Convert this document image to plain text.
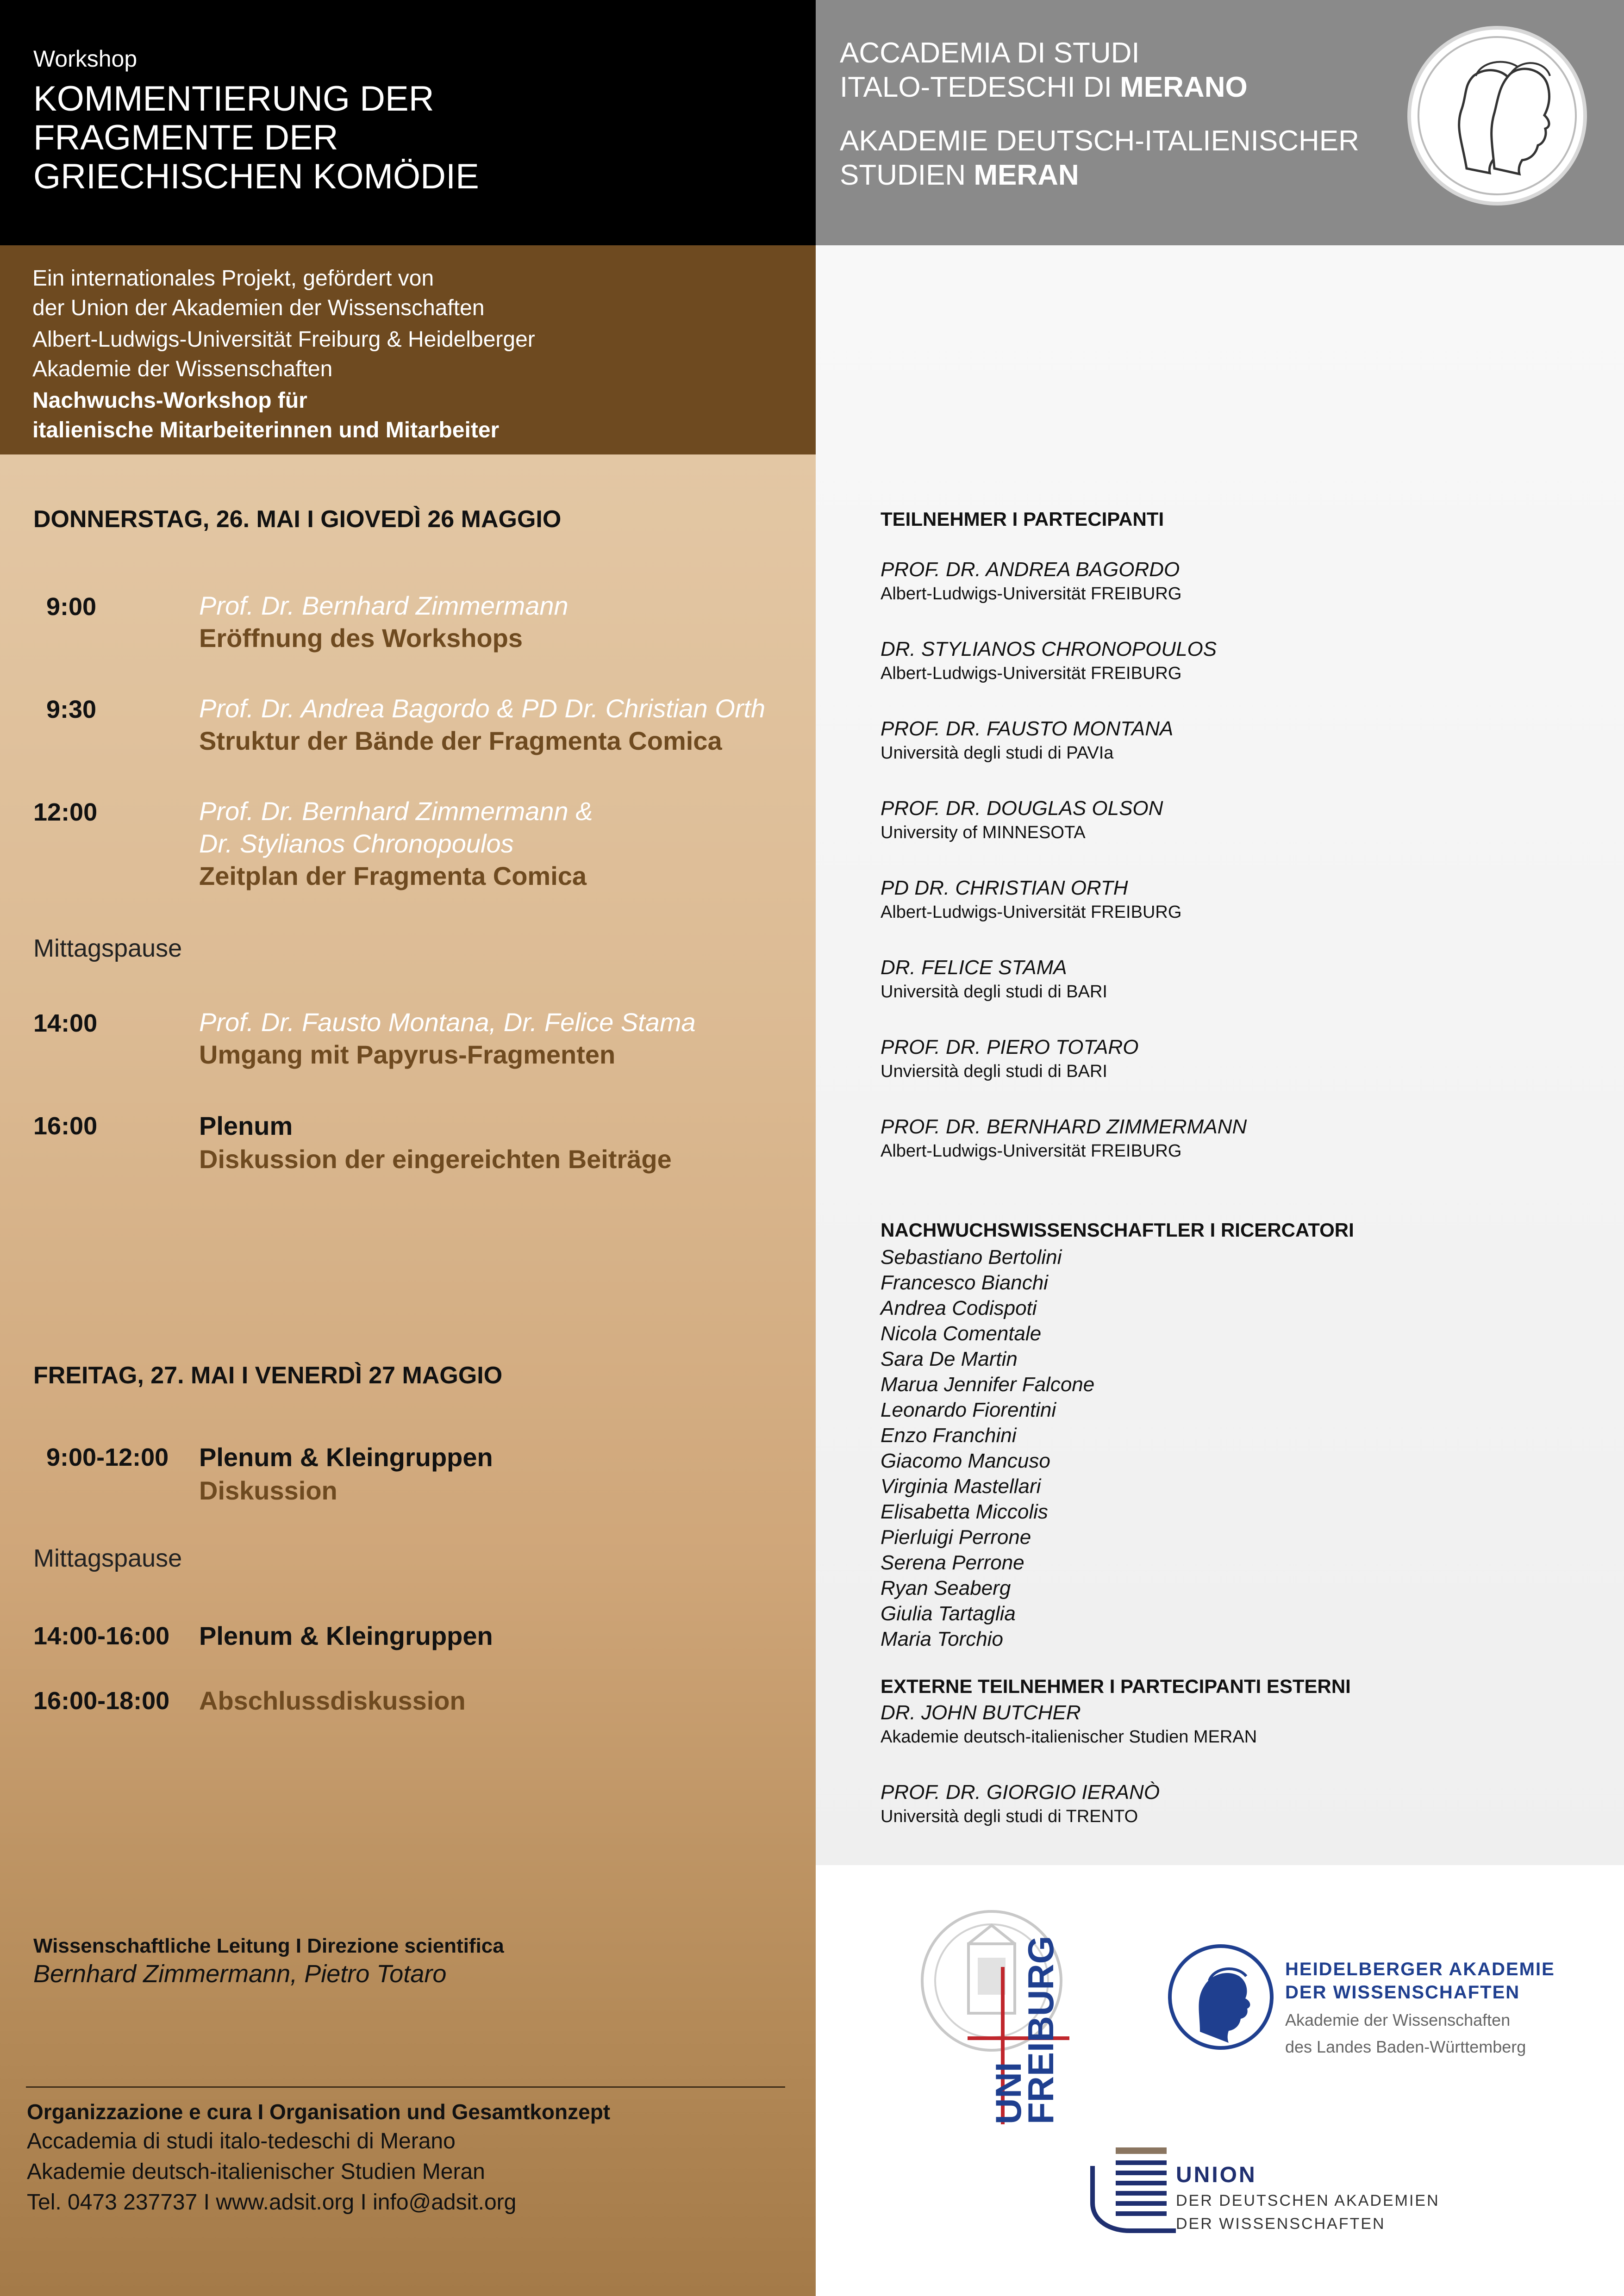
Workshop
KOMMENTIERUNG DER
FRAGMENTE DER
GRIECHISCHEN KOMÖDIE
ACCADEMIA DI STUDI
ITALO-TEDESCHI DI MERANO
AKADEMIE DEUTSCH-ITALIENISCHER
STUDIEN MERAN
Ein internationales Projekt, gefördert von
der Union der Akademien der Wissenschaften
Albert-Ludwigs-Universität Freiburg & Heidelberger
Akademie der Wissenschaften
Nachwuchs-Workshop für
italienische Mitarbeiterinnen und Mitarbeiter
DONNERSTAG, 26. MAI I GIOVEDÌ 26 MAGGIO
9:00	Prof. Dr. Bernhard Zimmermann
Eröffnung des Workshops
9:30	Prof. Dr. Andrea Bagordo & PD Dr. Christian Orth
Struktur der Bände der Fragmenta Comica
12:00	Prof. Dr. Bernhard Zimmermann &
Dr. Stylianos Chronopoulos
Zeitplan der Fragmenta Comica
Mittagspause
14:00	Prof. Dr. Fausto Montana, Dr. Felice Stama
Umgang mit Papyrus-Fragmenten
16:00	Plenum
Diskussion der eingereichten Beiträge
FREITAG, 27. MAI I VENERDÌ 27 MAGGIO
9:00-12:00 Plenum & Kleingruppen
Diskussion
Mittagspause
14:00-16:00 Plenum & Kleingruppen
16:00-18:00 Abschlussdiskussion
Wissenschaftliche Leitung I Direzione scientifica
Bernhard Zimmermann, Pietro Totaro
Organizzazione e cura I Organisation und Gesamtkonzept
Accademia di studi italo-tedeschi di Merano
Akademie deutsch-italienischer Studien Meran
Tel. 0473 237737 I www.adsit.org I info@adsit.org
TEILNEHMER I PARTECIPANTI
PROF. DR. ANDREA BAGORDO
Albert-Ludwigs-Universität FREIBURG
DR. STYLIANOS CHRONOPOULOS
Albert-Ludwigs-Universität FREIBURG
PROF. DR. FAUSTO MONTANA
Università degli studi di PAVIa
PROF. DR. DOUGLAS OLSON
University of MINNESOTA
PD DR. CHRISTIAN ORTH
Albert-Ludwigs-Universität FREIBURG
DR. FELICE STAMA
Università degli studi di BARI
PROF. DR. PIERO TOTARO
Unviersità degli studi di BARI
PROF. DR. BERNHARD ZIMMERMANN
Albert-Ludwigs-Universität FREIBURG
NACHWUCHSWISSENSCHAFTLER I RICERCATORI
Sebastiano Bertolini
Francesco Bianchi
Andrea Codispoti
Nicola Comentale
Sara De Martin
Marua Jennifer Falcone
Leonardo Fiorentini
Enzo Franchini
Giacomo Mancuso
Virginia Mastellari
Elisabetta Miccolis
Pierluigi Perrone
Serena Perrone
Ryan Seaberg
Giulia Tartaglia
Maria Torchio
EXTERNE TEILNEHMER I PARTECIPANTI ESTERNI
DR. JOHN BUTCHER
Akademie deutsch-italienischer Studien MERAN
PROF. DR. GIORGIO IERANÒ
Università degli studi di TRENTO
UNI
FREIBURG	HEIDELBERGER AKADEMIE
DER WISSENSCHAFTEN
Akademie der Wissenschaften
des Landes Baden-Württemberg
UNION
DER DEUTSCHEN AKADEMIEN
DER WISSENSCHAFTEN
